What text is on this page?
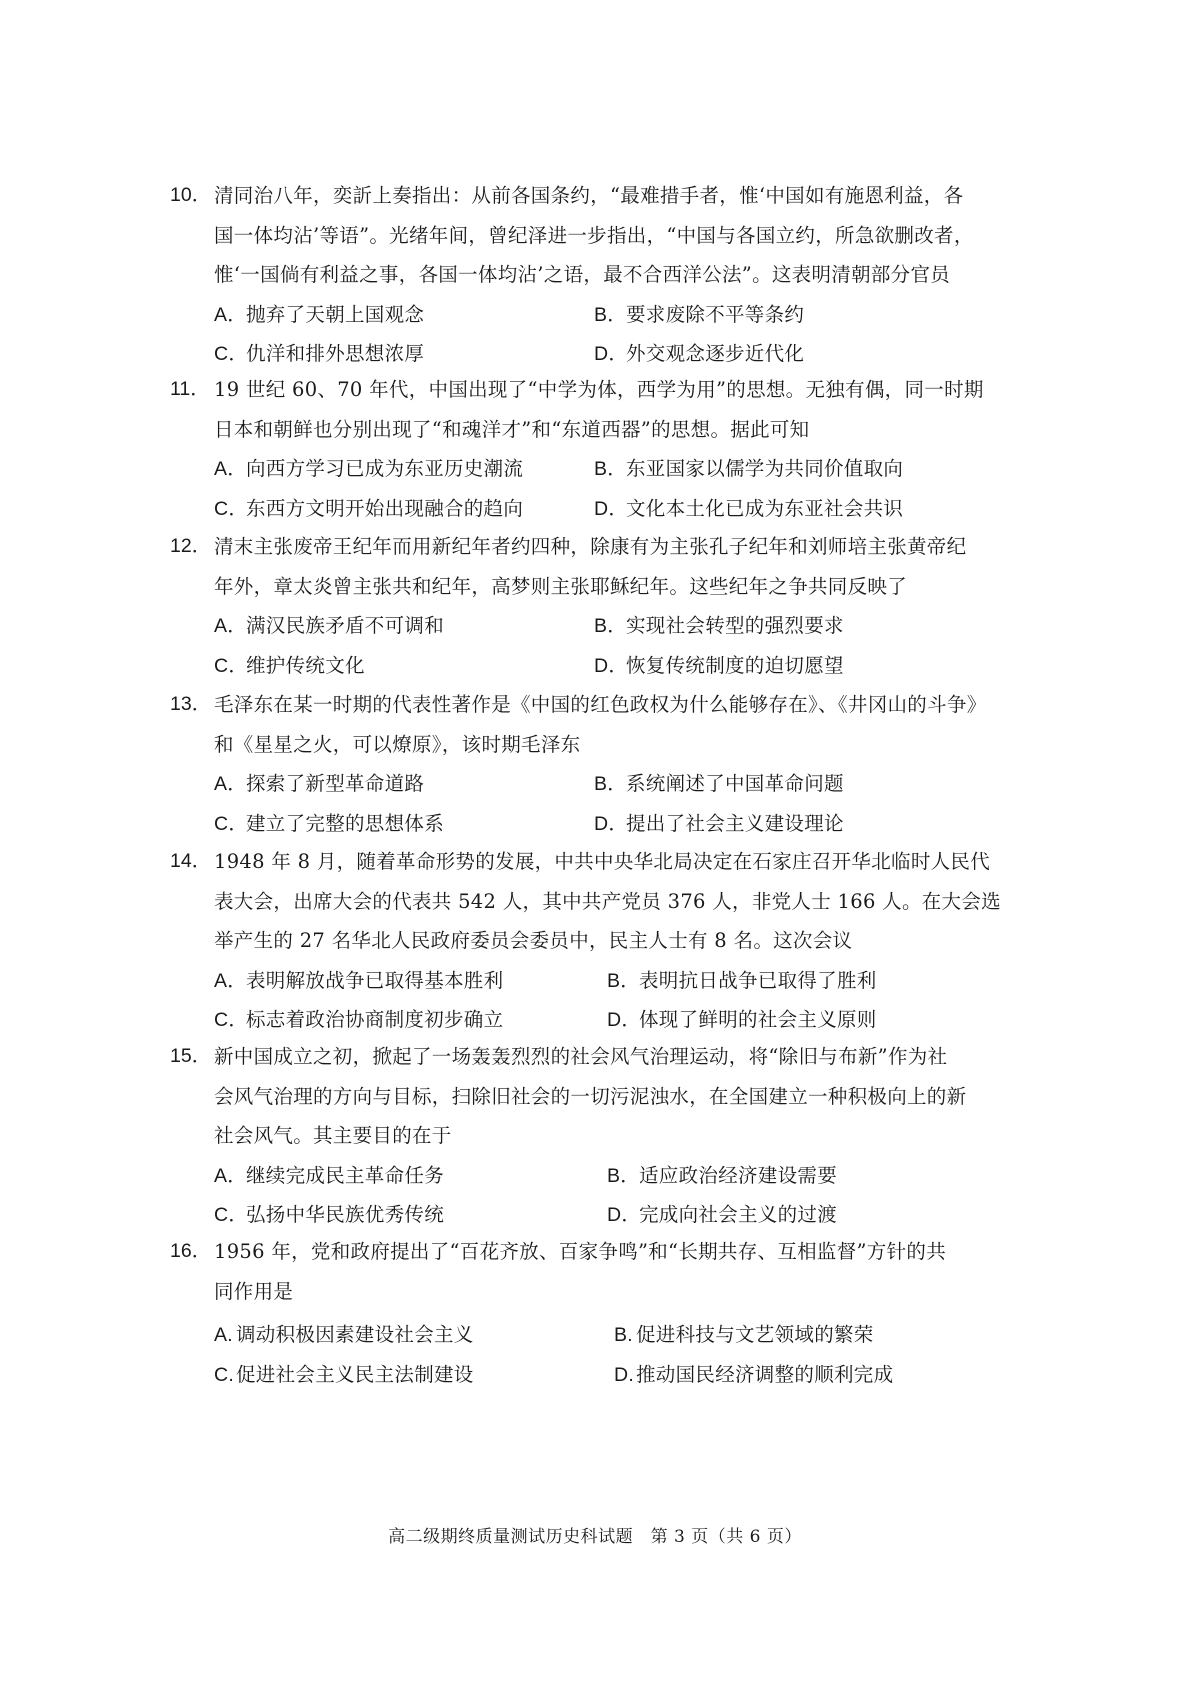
10． 清同治八年，奕訢上奏指出：从前各国条约，“最难措手者，惟‘中国如有施恩利益，各
国一体均沾’等语”。光绪年间，曾纪泽进一步指出，“中国与各国立约，所急欲删改者，
惟‘一国倘有利益之事，各国一体均沾’之语，最不合西洋公法”。这表明清朝部分官员
A．抛弃了天朝上国观念	B．要求废除不平等条约
C．仇洋和排外思想浓厚	D．外交观念逐步近代化
11． 19 世纪 60、70 年代，中国出现了“中学为体，西学为用”的思想。无独有偶，同一时期
日本和朝鲜也分别出现了“和魂洋才”和“东道西器”的思想。据此可知
A．向西方学习已成为东亚历史潮流	B．东亚国家以儒学为共同价值取向
C．东西方文明开始出现融合的趋向	D．文化本土化已成为东亚社会共识
12． 清末主张废帝王纪年而用新纪年者约四种，除康有为主张孔子纪年和刘师培主张黄帝纪
年外，章太炎曾主张共和纪年，高梦则主张耶稣纪年。这些纪年之争共同反映了
A．满汉民族矛盾不可调和	B．实现社会转型的强烈要求
C．维护传统文化	D．恢复传统制度的迫切愿望
13． 毛泽东在某一时期的代表性著作是《中国的红色政权为什么能够存在》、《井冈山的斗争》
和《星星之火，可以燎原》，该时期毛泽东
A．探索了新型革命道路	B．系统阐述了中国革命问题
C．建立了完整的思想体系	D．提出了社会主义建设理论
14． 1948 年 8 月，随着革命形势的发展，中共中央华北局决定在石家庄召开华北临时人民代
表大会，出席大会的代表共 542 人，其中共产党员 376 人，非党人士 166 人。在大会选
举产生的 27 名华北人民政府委员会委员中，民主人士有 8 名。这次会议
A．表明解放战争已取得基本胜利	B．表明抗日战争已取得了胜利
C．标志着政治协商制度初步确立	D．体现了鲜明的社会主义原则
15． 新中国成立之初，掀起了一场轰轰烈烈的社会风气治理运动，将“除旧与布新”作为社
会风气治理的方向与目标，扫除旧社会的一切污泥浊水，在全国建立一种积极向上的新
社会风气。其主要目的在于
A．继续完成民主革命任务	B．适应政治经济建设需要
C．弘扬中华民族优秀传统	D．完成向社会主义的过渡
16． 1956 年，党和政府提出了“百花齐放、百家争鸣”和“长期共存、互相监督”方针的共
同作用是
A. 调动积极因素建设社会主义	B. 促进科技与文艺领域的繁荣
C.促进社会主义民主法制建设	D.推动国民经济调整的顺利完成
高二级期终质量测试历史科试题　第 3 页（共 6 页）
